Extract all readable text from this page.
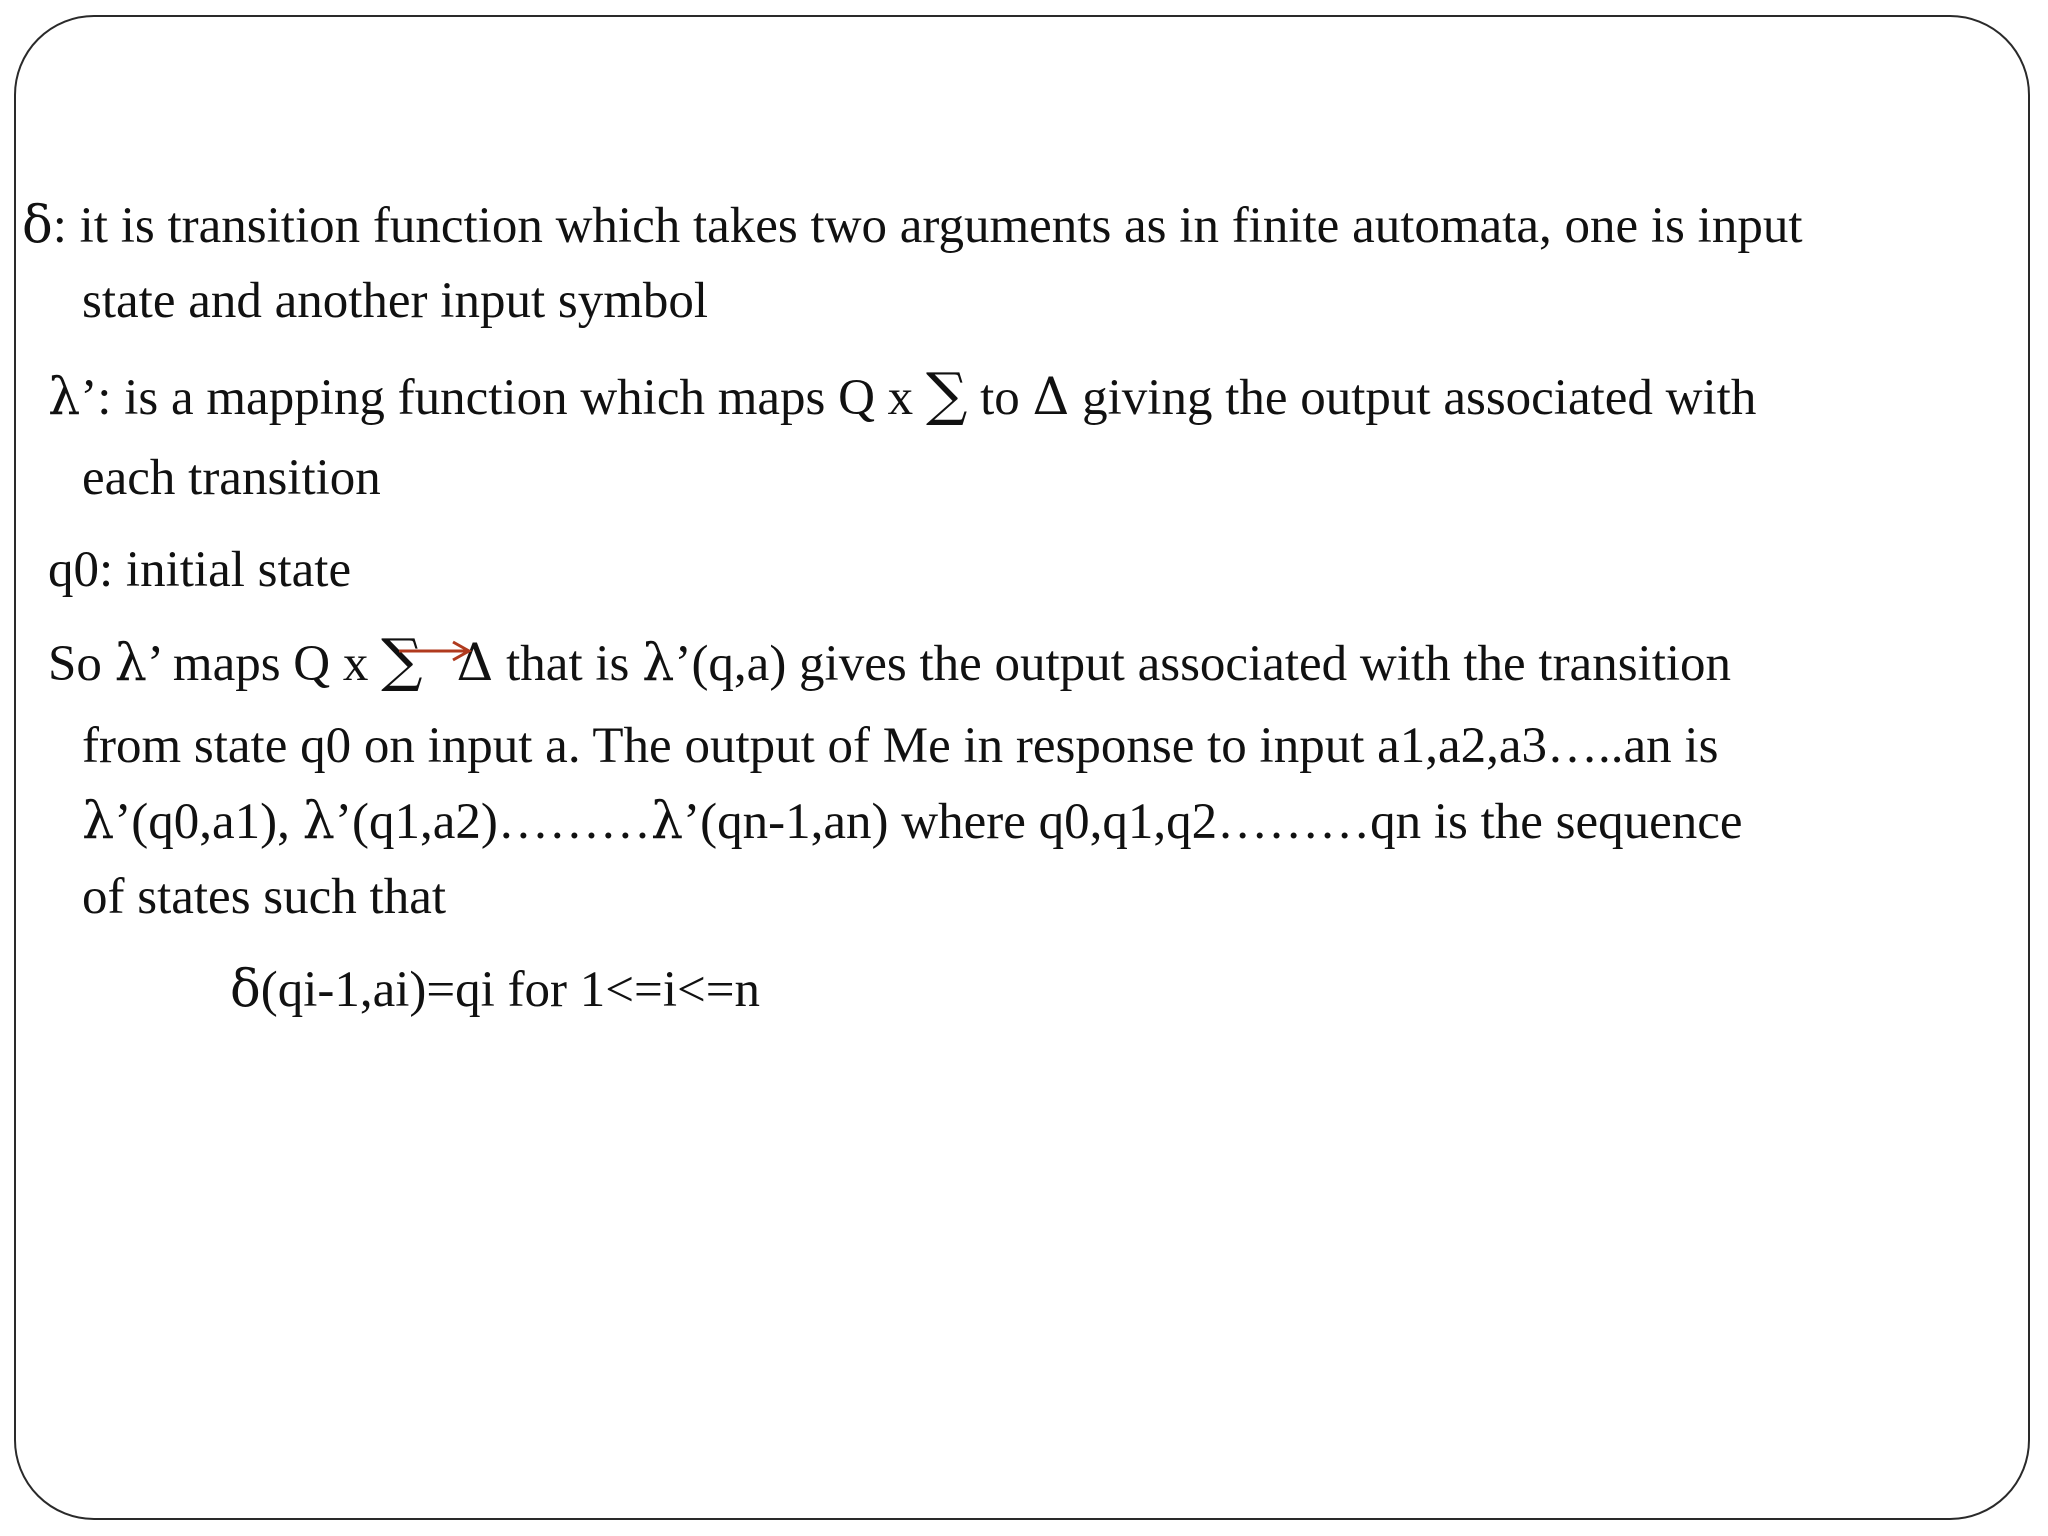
δ: it is transition function which takes two arguments as in finite automata, one is input
state and another input symbol
λ’: is a mapping function which maps Q x ∑ to Δ giving the output associated with
each transition
q0: initial state
So λ’ maps Q x ∑ Δ
that is λ’(q,a) gives the output associated with the transition
from state q0 on input a. The output of Me in response to input a1,a2,a3…..an is
λ’(q0,a1), λ’(q1,a2)………λ’(qn-1,an) where q0,q1,q2………qn is the sequence
of states such that
δ(qi-1,ai)=qi for 1<=i<=n
